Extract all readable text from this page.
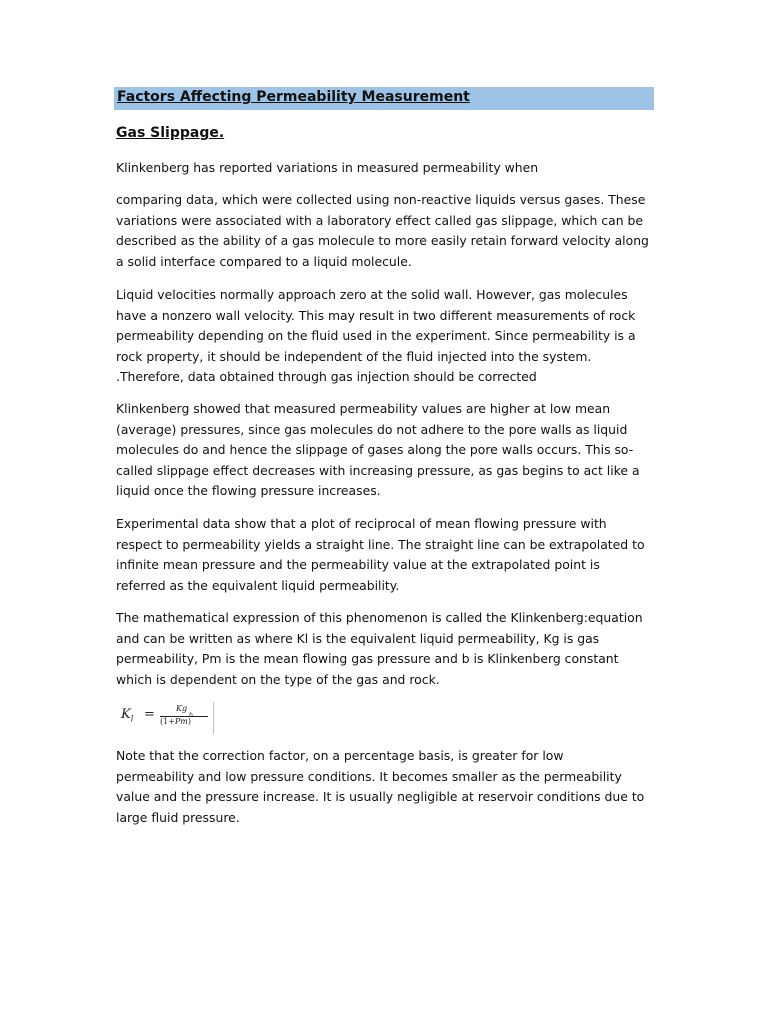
Factors Affecting Permeability Measurement
Gas Slippage.
Klinkenberg has reported variations in measured permeability when
comparing data, which were collected using non-reactive liquids versus gases. These
variations were associated with a laboratory effect called gas slippage, which can be
described as the ability of a gas molecule to more easily retain forward velocity along
a solid interface compared to a liquid molecule.
Liquid velocities normally approach zero at the solid wall. However, gas molecules
have a nonzero wall velocity. This may result in two different measurements of rock
permeability depending on the fluid used in the experiment. Since permeability is a
rock property, it should be independent of the fluid injected into the system.
.Therefore, data obtained through gas injection should be corrected
Klinkenberg showed that measured permeability values are higher at low mean
(average) pressures, since gas molecules do not adhere to the pore walls as liquid
molecules do and hence the slippage of gases along the pore walls occurs. This so-
called slippage effect decreases with increasing pressure, as gas begins to act like a
liquid once the flowing pressure increases.
Experimental data show that a plot of reciprocal of mean flowing pressure with
respect to permeability yields a straight line. The straight line can be extrapolated to
infinite mean pressure and the permeability value at the extrapolated point is
referred as the equivalent liquid permeability.
The mathematical expression of this phenomenon is called the Klinkenberg:equation
and can be written as where Kl is the equivalent liquid permeability, Kg is gas
permeability, Pm is the mean flowing gas pressure and b is Klinkenberg constant
which is dependent on the type of the gas and rock.
$K_l$ =	Kg
(1+Pm)
b
Note that the correction factor, on a percentage basis, is greater for low
permeability and low pressure conditions. It becomes smaller as the permeability
value and the pressure increase. It is usually negligible at reservoir conditions due to
large fluid pressure.
